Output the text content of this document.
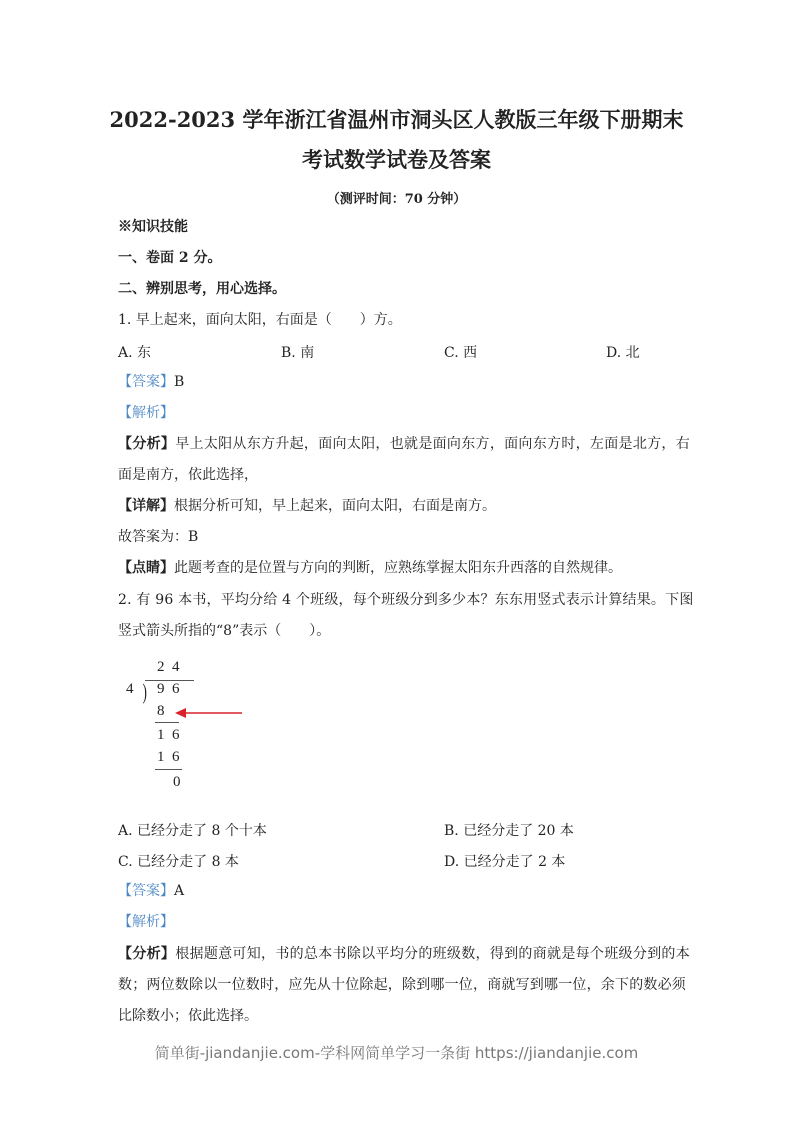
2022-2023 学年浙江省温州市洞头区人教版三年级下册期末
考试数学试卷及答案
（测评时间：70 分钟）
※知识技能
一、卷面 2 分。
二、辨别思考，用心选择。
1. 早上起来，面向太阳，右面是（　　）方。
A. 东	B. 南	C. 西	D. 北
【答案】B
【解析】
【分析】早上太阳从东方升起，面向太阳，也就是面向东方，面向东方时，左面是北方，右
面是南方，依此选择，
【详解】根据分析可知，早上起来，面向太阳，右面是南方。
故答案为：B
【点睛】此题考查的是位置与方向的判断，应熟练掌握太阳东升西落的自然规律。
2. 有 96 本书，平均分给 4 个班级，每个班级分到多少本？东东用竖式表示计算结果。下图
竖式箭头所指的“8”表示（　　）。
2 4
4 ) 9 6
8
1 6
1 6
0
A. 已经分走了 8 个十本	B. 已经分走了 20 本
C. 已经分走了 8 本	D. 已经分走了 2 本
【答案】A
【解析】
【分析】根据题意可知，书的总本书除以平均分的班级数，得到的商就是每个班级分到的本
数；两位数除以一位数时，应先从十位除起，除到哪一位，商就写到哪一位，余下的数必须
比除数小；依此选择。
简单街-jiandanjie.com-学科网简单学习一条街 https://jiandanjie.com
